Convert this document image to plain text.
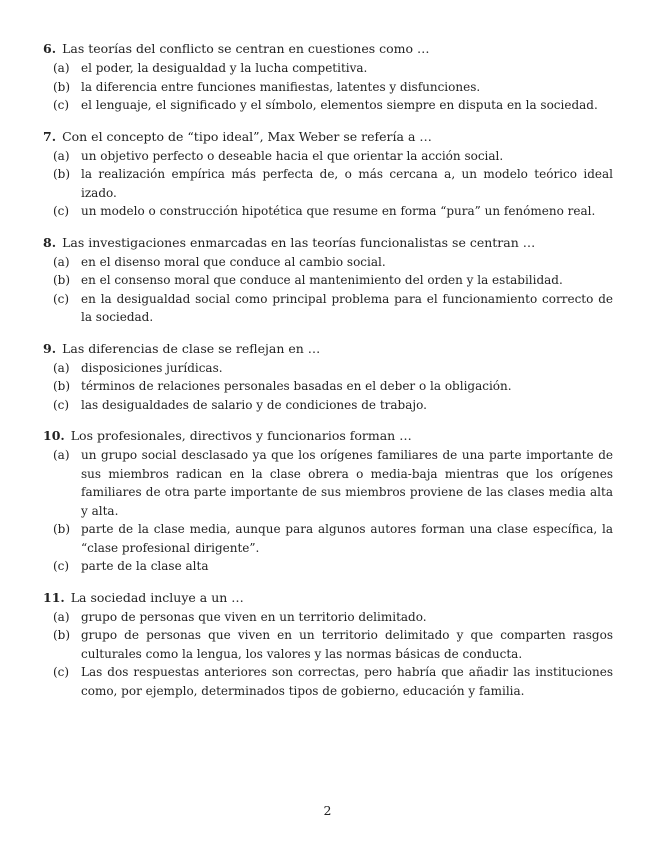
6. Las teorías del conflicto se centran en cuestiones como …
(a) el poder, la desigualdad y la lucha competitiva.
(b) la diferencia entre funciones manifiestas, latentes y disfunciones.
(c) el lenguaje, el significado y el símbolo, elementos siempre en disputa en la sociedad.
7. Con el concepto de “tipo ideal”, Max Weber se refería a …
(a) un objetivo perfecto o deseable hacia el que orientar la acción social.
(b) la realización empírica más perfecta de, o más cercana a, un modelo teórico ideal izado.
(c) un modelo o construcción hipotética que resume en forma “pura” un fenómeno real.
8. Las investigaciones enmarcadas en las teorías funcionalistas se centran …
(a) en el disenso moral que conduce al cambio social.
(b) en el consenso moral que conduce al mantenimiento del orden y la estabilidad.
(c) en la desigualdad social como principal problema para el funcionamiento correcto de la sociedad.
9. Las diferencias de clase se reflejan en …
(a) disposiciones jurídicas.
(b) términos de relaciones personales basadas en el deber o la obligación.
(c) las desigualdades de salario y de condiciones de trabajo.
10. Los profesionales, directivos y funcionarios forman …
(a) un grupo social desclasado ya que los orígenes familiares de una parte importante de sus miembros radican en la clase obrera o media-baja mientras que los orígenes familiares de otra parte importante de sus miembros proviene de las clases media alta y alta.
(b) parte de la clase media, aunque para algunos autores forman una clase específica, la “clase profesional dirigente”.
(c) parte de la clase alta
11. La sociedad incluye a un …
(a) grupo de personas que viven en un territorio delimitado.
(b) grupo de personas que viven en un territorio delimitado y que comparten rasgos culturales como la lengua, los valores y las normas básicas de conducta.
(c) Las dos respuestas anteriores son correctas, pero habría que añadir las instituciones como, por ejemplo, determinados tipos de gobierno, educación y familia.
2
